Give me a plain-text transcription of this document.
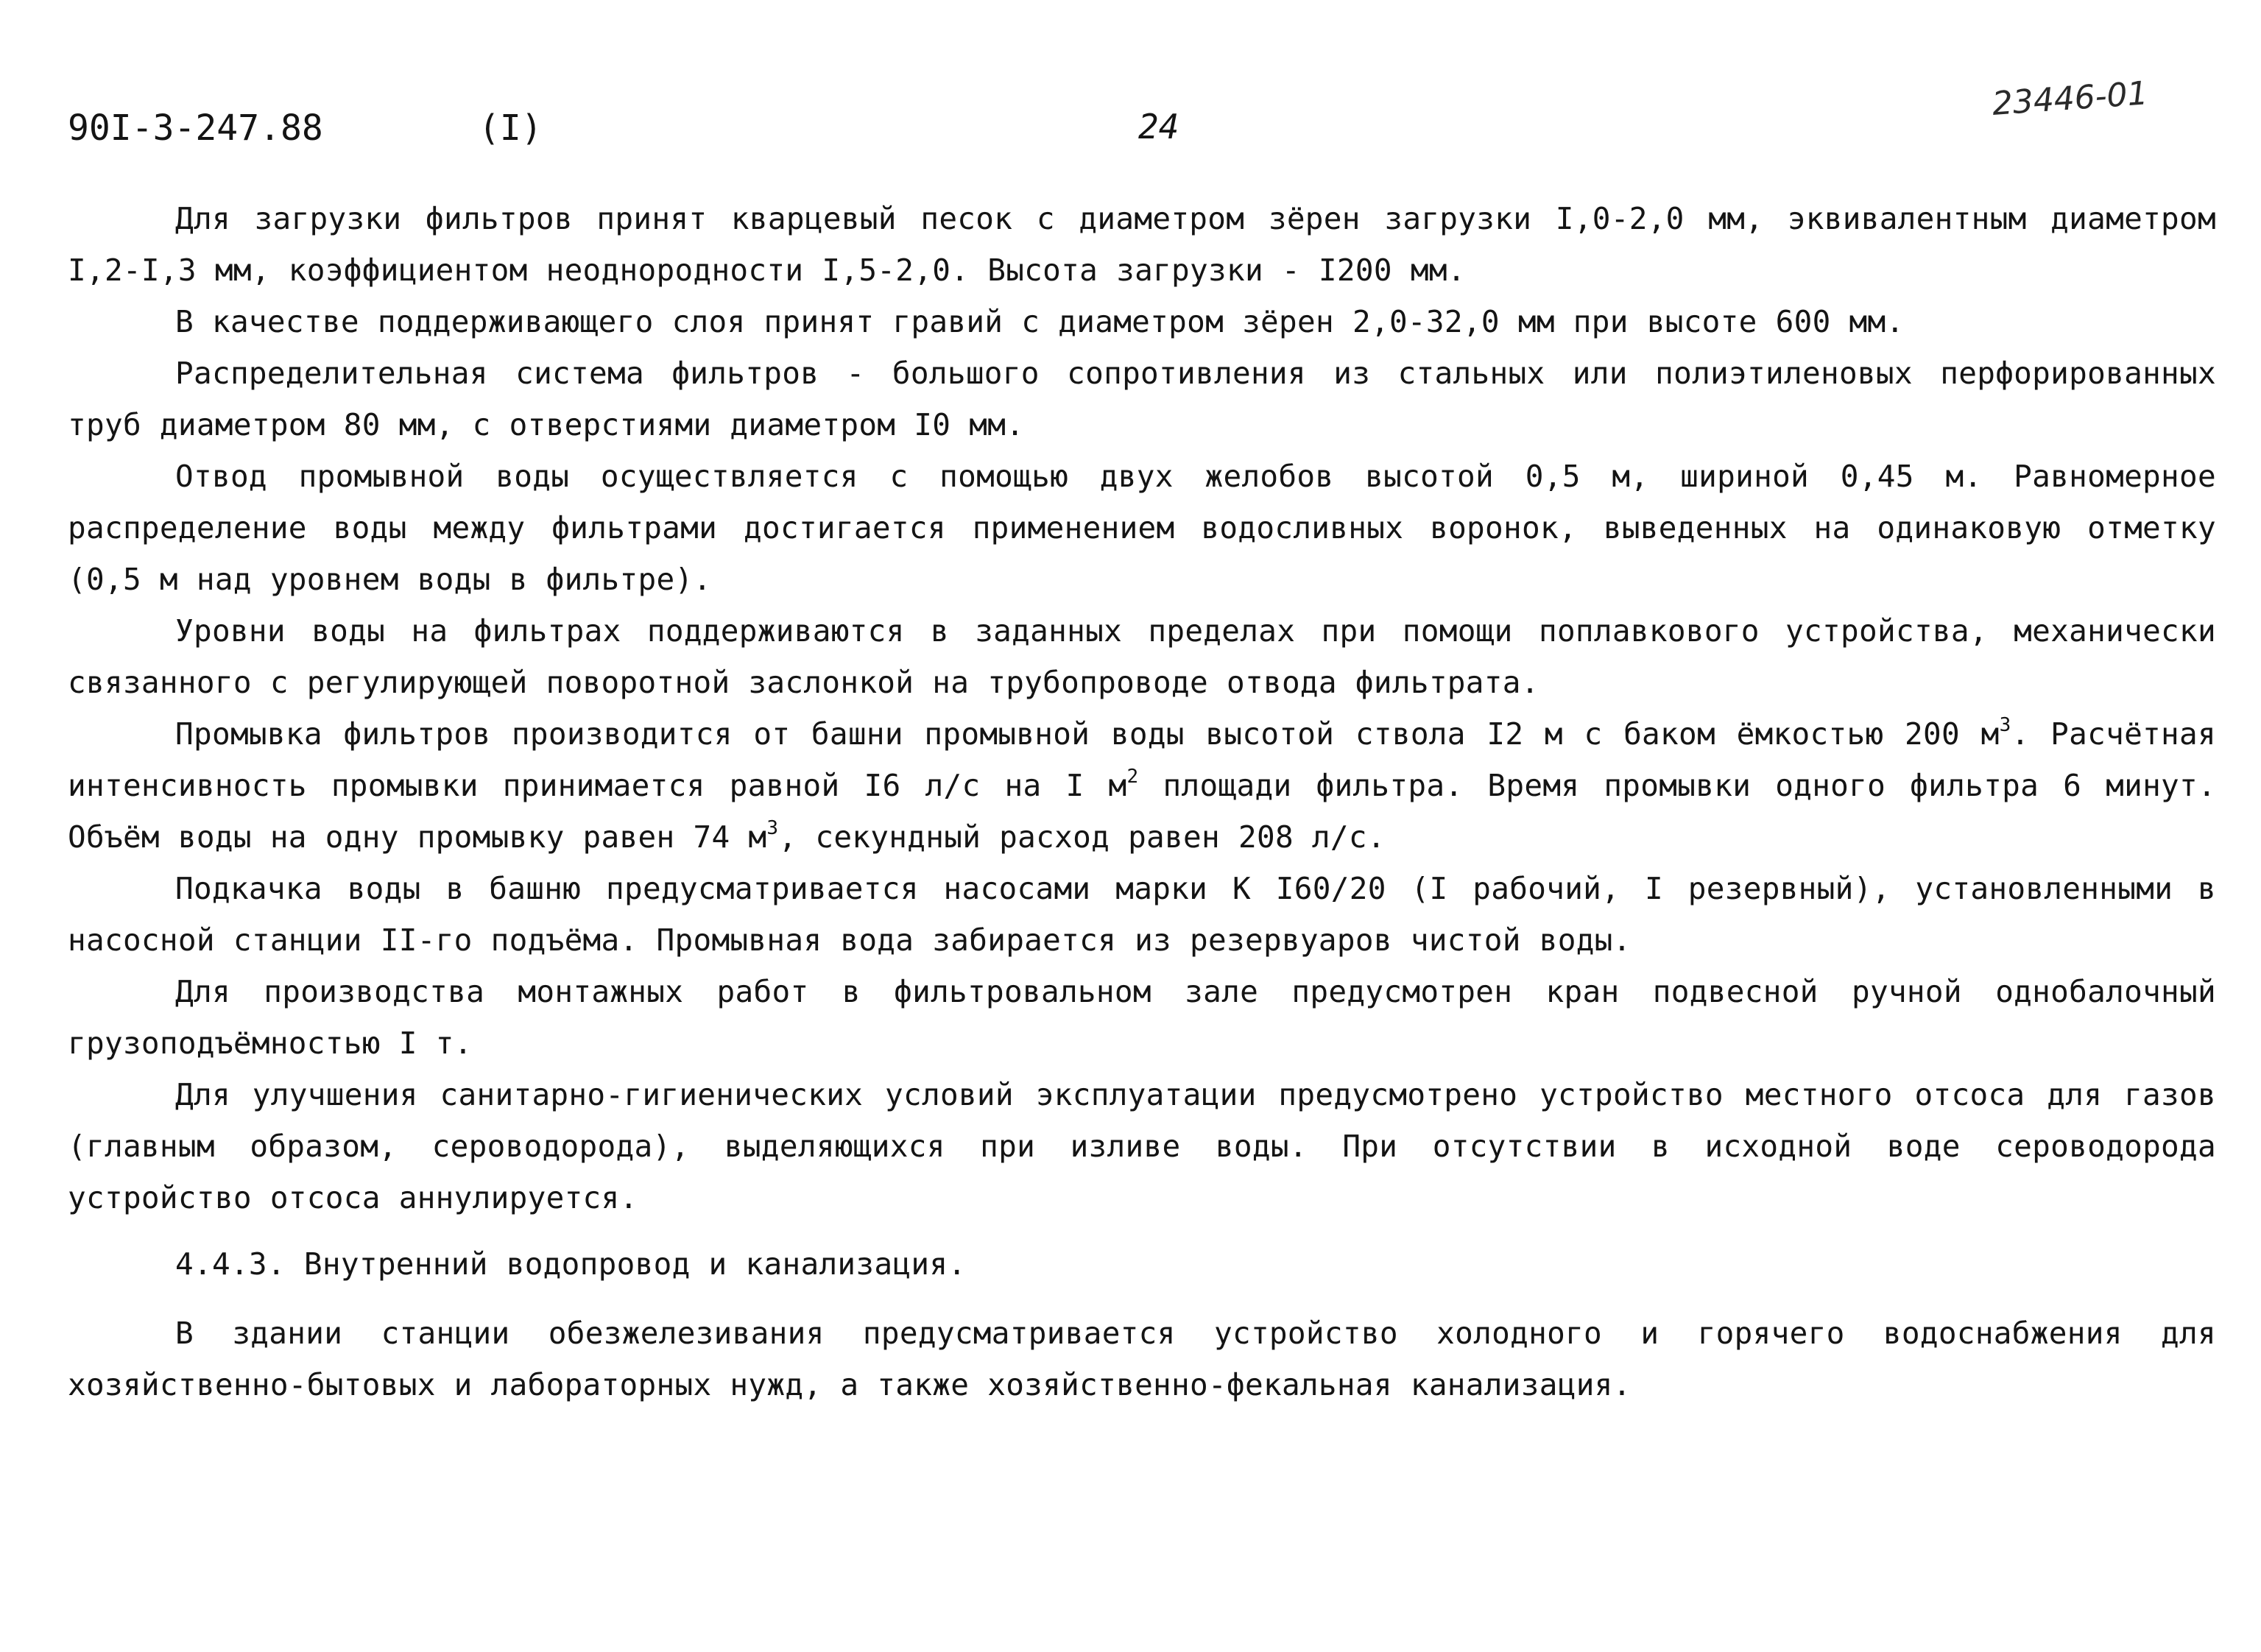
90I-3-247.88	(I)	24
23446-01

Для загрузки фильтров принят кварцевый песок с диаметром зёрен загрузки I,0-2,0 мм, эквивалентным диаметром I,2-I,3 мм, коэффициентом неоднородности I,5-2,0. Высота загрузки - I200 мм.

В качестве поддерживающего слоя принят гравий с диаметром зёрен 2,0-32,0 мм при высоте 600 мм.

Распределительная система фильтров - большого сопротивления из стальных или полиэтиленовых перфорированных труб диаметром 80 мм, с отверстиями диаметром I0 мм.

Отвод промывной воды осуществляется с помощью двух желобов высотой 0,5 м, шириной 0,45 м. Равномерное распределение воды между фильтрами достигается применением водосливных воронок, выведенных на одинаковую отметку (0,5 м над уровнем воды в фильтре).

Уровни воды на фильтрах поддерживаются в заданных пределах при помощи поплавкового устройства, механически связанного с регулирующей поворотной заслонкой на трубопроводе отвода фильтрата.

Промывка фильтров производится от башни промывной воды высотой ствола I2 м с баком ёмкостью 200 $м^3$. Расчётная интенсивность промывки принимается равной I6 л/с на I $м^2$ площади фильтра. Время промывки одного фильтра 6 минут. Объём воды на одну промывку равен 74 $м^3$, секундный расход равен 208 л/с.

Подкачка воды в башню предусматривается насосами марки К I60/20 (I рабочий, I резервный), установленными в насосной станции II-го подъёма. Промывная вода забирается из резервуаров чистой воды.

Для производства монтажных работ в фильтровальном зале предусмотрен кран подвесной ручной однобалочный грузоподъёмностью I т.

Для улучшения санитарно-гигиенических условий эксплуатации предусмотрено устройство местного отсоса для газов (главным образом, сероводорода), выделяющихся при изливе воды. При отсутствии в исходной воде сероводорода устройство отсоса аннулируется.

4.4.3. Внутренний водопровод и канализация.

В здании станции обезжелезивания предусматривается устройство холодного и горячего водоснабжения для хозяйственно-бытовых и лабораторных нужд, а также хозяйственно-фекальная канализация.
